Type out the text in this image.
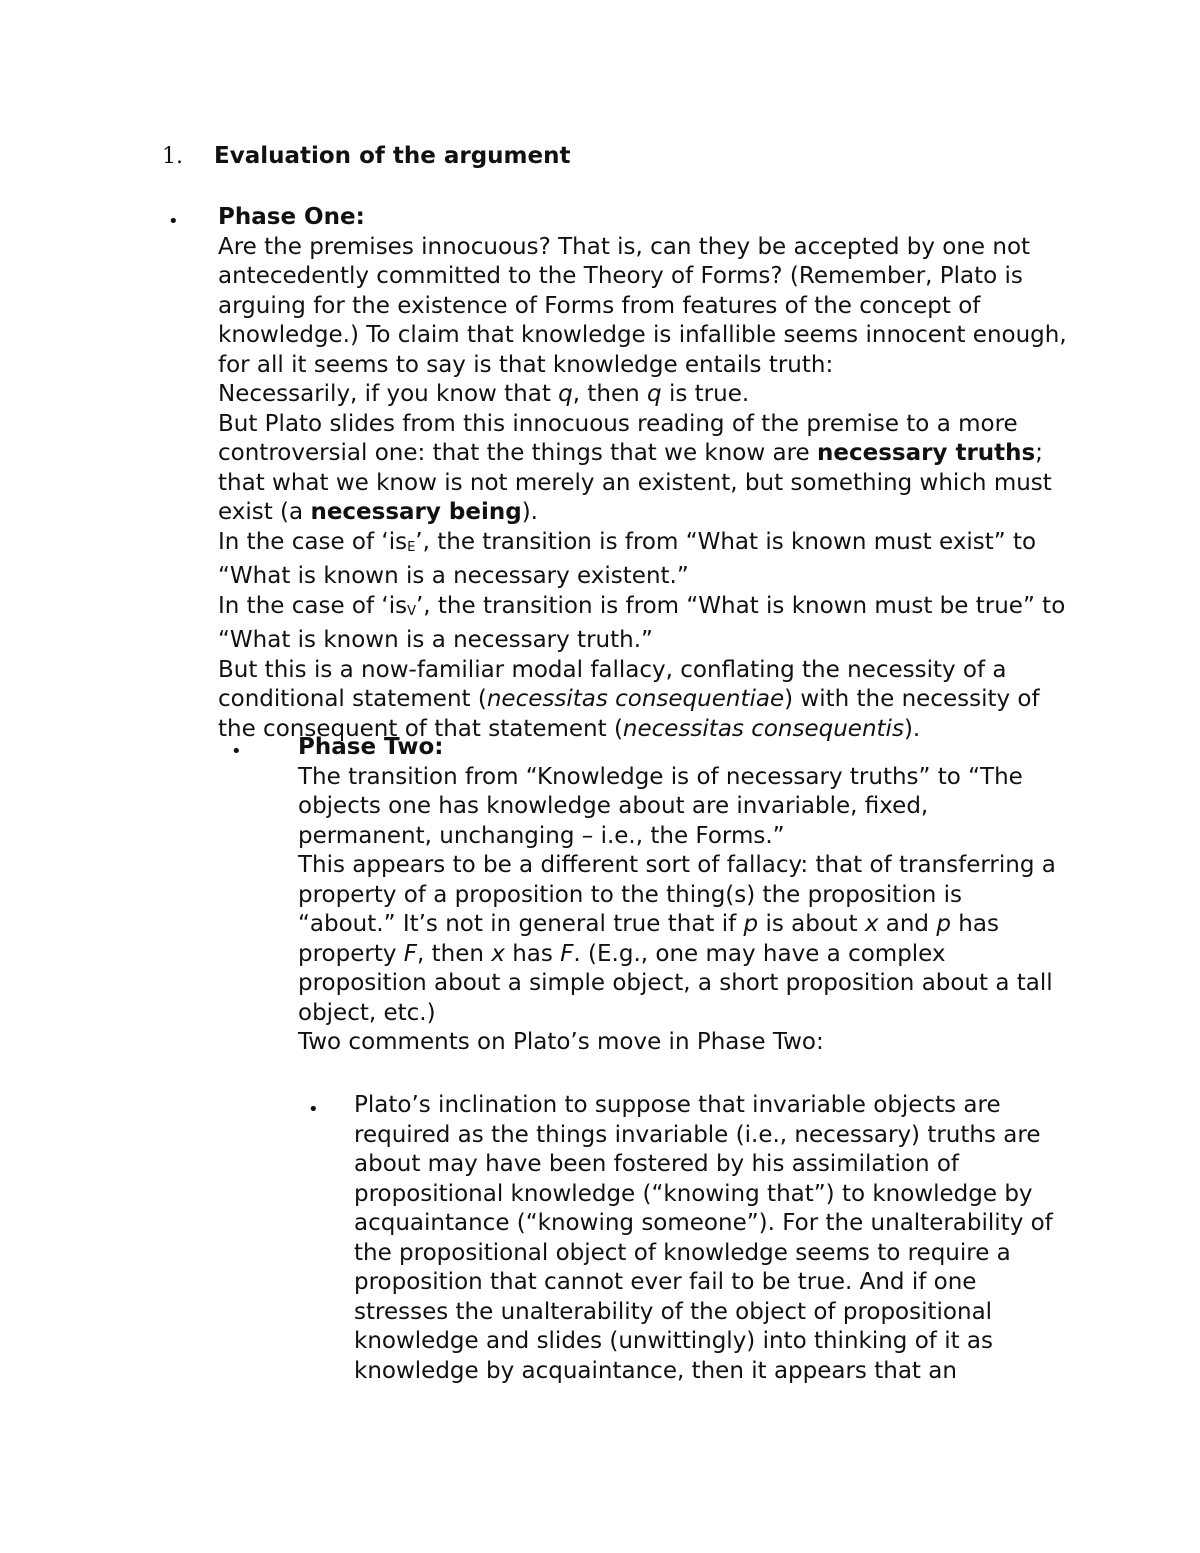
1. Evaluation of the argument
• Phase One:

Are the premises innocuous? That is, can they be accepted by one not antecedently committed to the Theory of Forms? (Remember, Plato is arguing for the existence of Forms from features of the concept of knowledge.) To claim that knowledge is infallible seems innocent enough, for all it seems to say is that knowledge entails truth:

Necessarily, if you know that q, then q is true.

But Plato slides from this innocuous reading of the premise to a more controversial one: that the things that we know are necessary truths; that what we know is not merely an existent, but something which must exist (a necessary being).

In the case of ‘isE’, the transition is from “What is known must exist” to “What is known is a necessary existent.”

In the case of ‘isV’, the transition is from “What is known must be true” to “What is known is a necessary truth.”

But this is a now-familiar modal fallacy, conflating the necessity of a conditional statement (necessitas consequentiae) with the necessity of the consequent of that statement (necessitas consequentis).

• Phase Two:

The transition from “Knowledge is of necessary truths” to “The objects one has knowledge about are invariable, fixed, permanent, unchanging – i.e., the Forms.”

This appears to be a different sort of fallacy: that of transferring a property of a proposition to the thing(s) the proposition is “about.” It’s not in general true that if p is about x and p has property F, then x has F. (E.g., one may have a complex proposition about a simple object, a short proposition about a tall object, etc.)

Two comments on Plato’s move in Phase Two:

• Plato’s inclination to suppose that invariable objects are required as the things invariable (i.e., necessary) truths are about may have been fostered by his assimilation of propositional knowledge (“knowing that”) to knowledge by acquaintance (“knowing someone”). For the unalterability of the propositional object of knowledge seems to require a proposition that cannot ever fail to be true. And if one stresses the unalterability of the object of propositional knowledge and slides (unwittingly) into thinking of it as knowledge by acquaintance, then it appears that an
